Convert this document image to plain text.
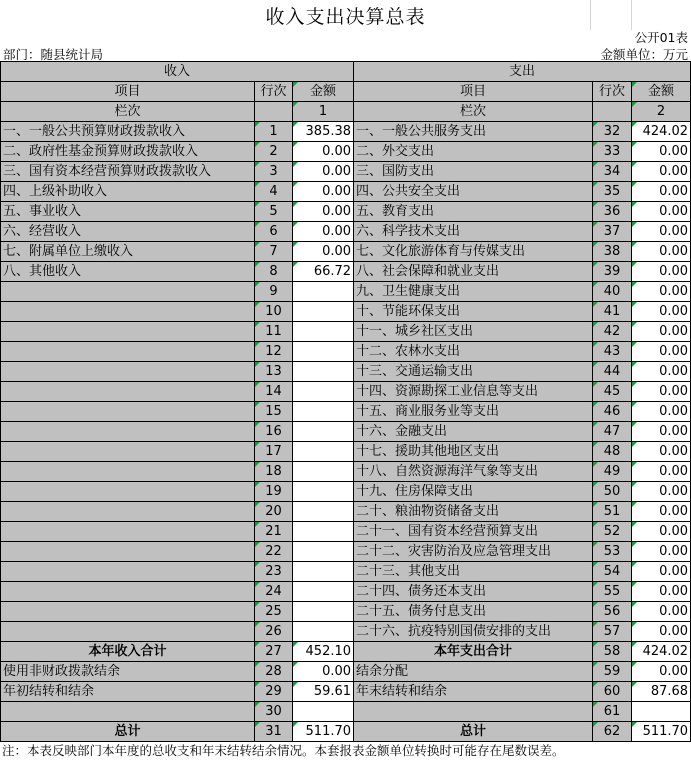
收入支出决算总表
公开01表
部门：随县统计局	金额单位：万元
收入			支出		
项目	行次	金额	项目	行次	金额
栏次		1	栏次		2
一、一般公共预算财政拨款收入	1	385.38	一、一般公共服务支出	32	424.02
二、政府性基金预算财政拨款收入	2	0.00	二、外交支出	33	0.00
三、国有资本经营预算财政拨款收入	3	0.00	三、国防支出	34	0.00
四、上级补助收入	4	0.00	四、公共安全支出	35	0.00
五、事业收入	5	0.00	五、教育支出	36	0.00
六、经营收入	6	0.00	六、科学技术支出	37	0.00
七、附属单位上缴收入	7	0.00	七、文化旅游体育与传媒支出	38	0.00
八、其他收入	8	66.72	八、社会保障和就业支出	39	0.00
	9		九、卫生健康支出	40	0.00
	10		十、节能环保支出	41	0.00
	11		十一、城乡社区支出	42	0.00
	12		十二、农林水支出	43	0.00
	13		十三、交通运输支出	44	0.00
	14		十四、资源勘探工业信息等支出	45	0.00
	15		十五、商业服务业等支出	46	0.00
	16		十六、金融支出	47	0.00
	17		十七、援助其他地区支出	48	0.00
	18		十八、自然资源海洋气象等支出	49	0.00
	19		十九、住房保障支出	50	0.00
	20		二十、粮油物资储备支出	51	0.00
	21		二十一、国有资本经营预算支出	52	0.00
	22		二十二、灾害防治及应急管理支出	53	0.00
	23		二十三、其他支出	54	0.00
	24		二十四、债务还本支出	55	0.00
	25		二十五、债务付息支出	56	0.00
	26		二十六、抗疫特别国债安排的支出	57	0.00
本年收入合计	27	452.10	本年支出合计	58	424.02
使用非财政拨款结余	28	0.00	结余分配	59	0.00
年初结转和结余	29	59.61	年末结转和结余	60	87.68
	30			61	
总计	31	511.70	总计	62	511.70
注：本表反映部门本年度的总收支和年末结转结余情况。本套报表金额单位转换时可能存在尾数误差。
